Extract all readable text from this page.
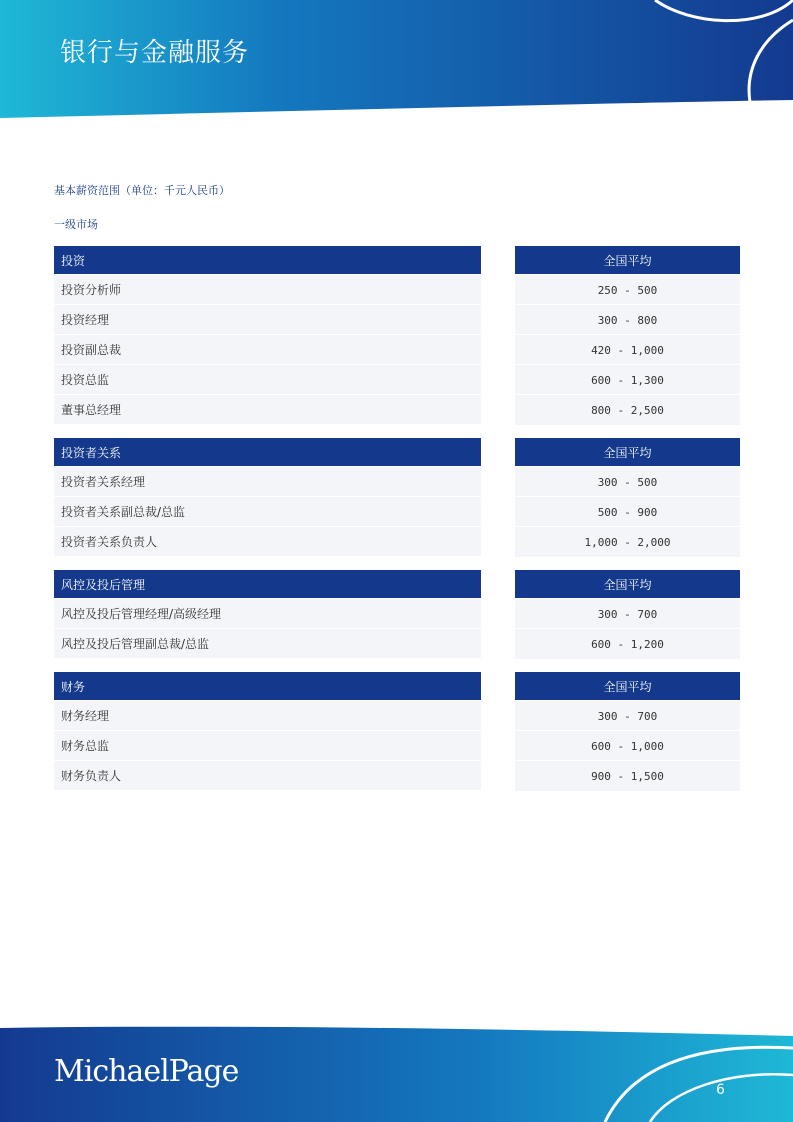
银行与金融服务
基本薪资范围（单位：千元人民币）
一级市场
投资	全国平均
投资分析师	250 - 500
投资经理	300 - 800
投资副总裁	420 - 1,000
投资总监	600 - 1,300
董事总经理	800 - 2,500
投资者关系	全国平均
投资者关系经理	300 - 500
投资者关系副总裁/总监	500 - 900
投资者关系负责人	1,000 - 2,000
风控及投后管理	全国平均
风控及投后管理经理/高级经理	300 - 700
风控及投后管理副总裁/总监	600 - 1,200
财务	全国平均
财务经理	300 - 700
财务总监	600 - 1,000
财务负责人	900 - 1,500
MichaelPage
6
